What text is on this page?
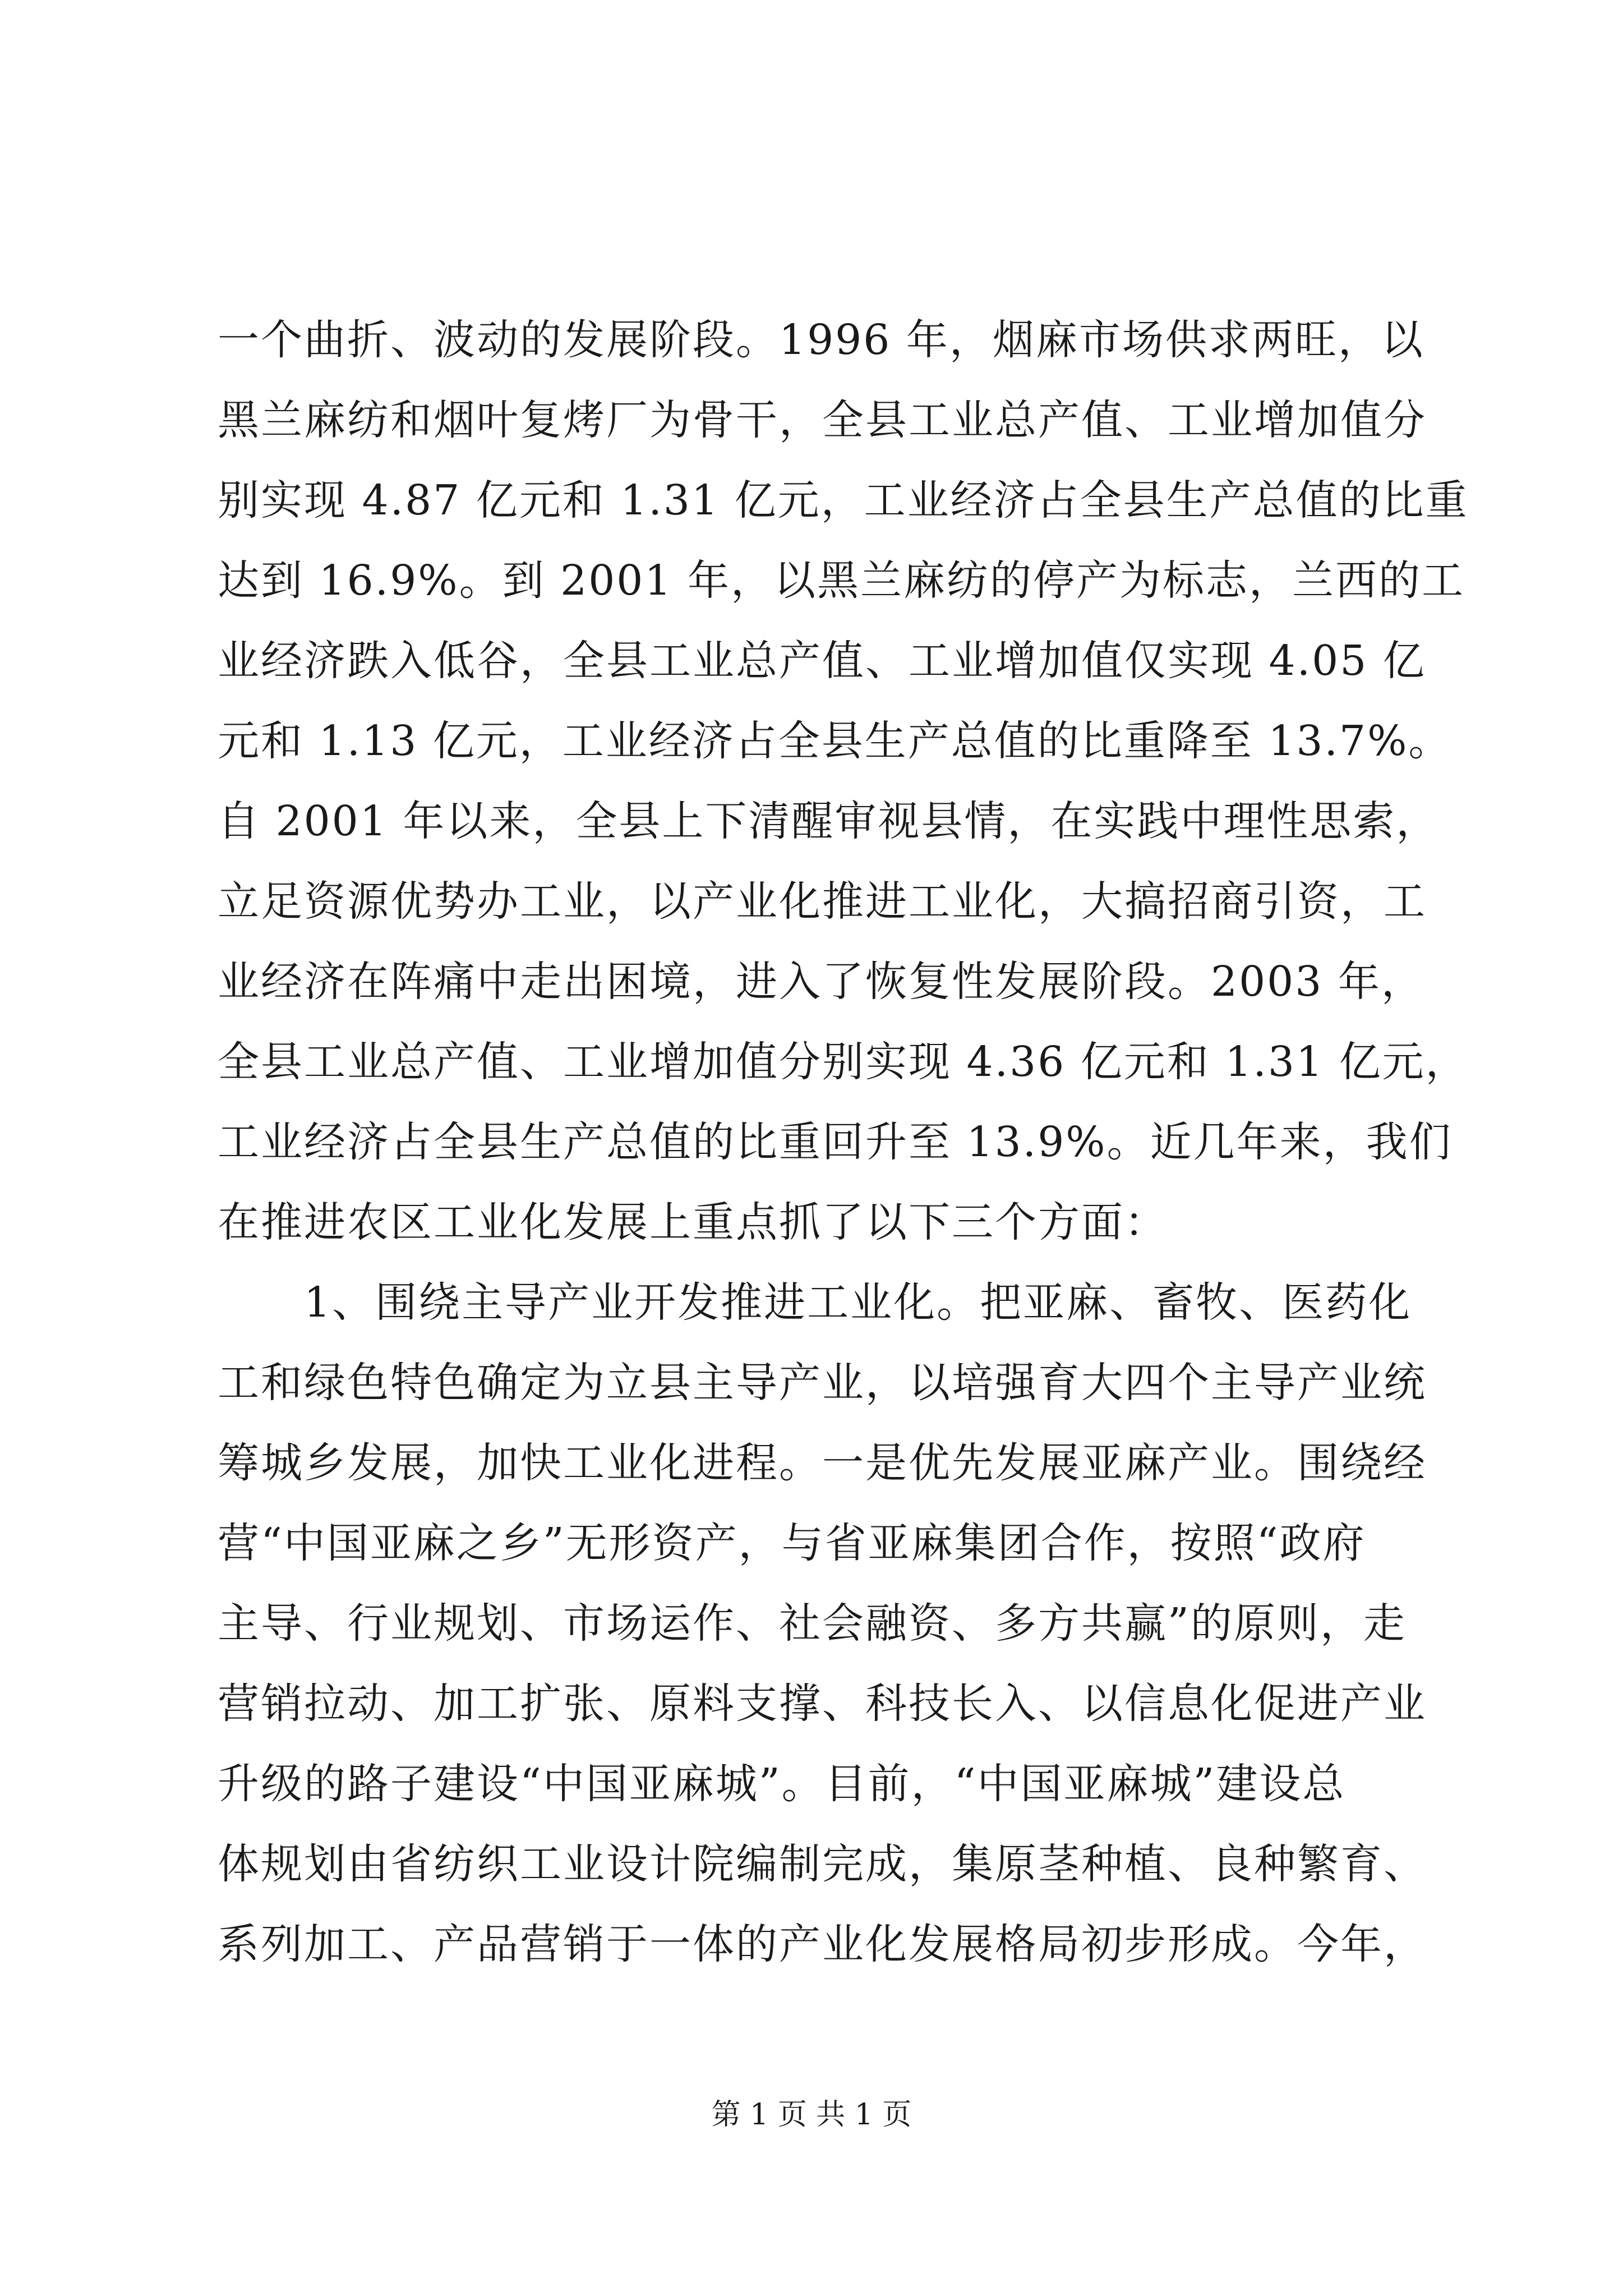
一个曲折、波动的发展阶段。1996 年，烟麻市场供求两旺，以
黑兰麻纺和烟叶复烤厂为骨干，全县工业总产值、工业增加值分
别实现 4.87 亿元和 1.31 亿元，工业经济占全县生产总值的比重
达到 16.9%。到 2001 年，以黑兰麻纺的停产为标志，兰西的工
业经济跌入低谷，全县工业总产值、工业增加值仅实现 4.05 亿
元和 1.13 亿元，工业经济占全县生产总值的比重降至 13.7%。
自 2001 年以来，全县上下清醒审视县情，在实践中理性思索，
立足资源优势办工业，以产业化推进工业化，大搞招商引资，工
业经济在阵痛中走出困境，进入了恢复性发展阶段。2003 年，
全县工业总产值、工业增加值分别实现 4.36 亿元和 1.31 亿元，
工业经济占全县生产总值的比重回升至 13.9%。近几年来，我们
在推进农区工业化发展上重点抓了以下三个方面：
　　1、围绕主导产业开发推进工业化。把亚麻、畜牧、医药化
工和绿色特色确定为立县主导产业，以培强育大四个主导产业统
筹城乡发展，加快工业化进程。一是优先发展亚麻产业。围绕经
营“中国亚麻之乡”无形资产，与省亚麻集团合作，按照“政府
主导、行业规划、市场运作、社会融资、多方共赢”的原则，走
营销拉动、加工扩张、原料支撑、科技长入、以信息化促进产业
升级的路子建设“中国亚麻城”。目前，“中国亚麻城”建设总
体规划由省纺织工业设计院编制完成，集原茎种植、良种繁育、
系列加工、产品营销于一体的产业化发展格局初步形成。今年，
第 1 页 共 1 页
